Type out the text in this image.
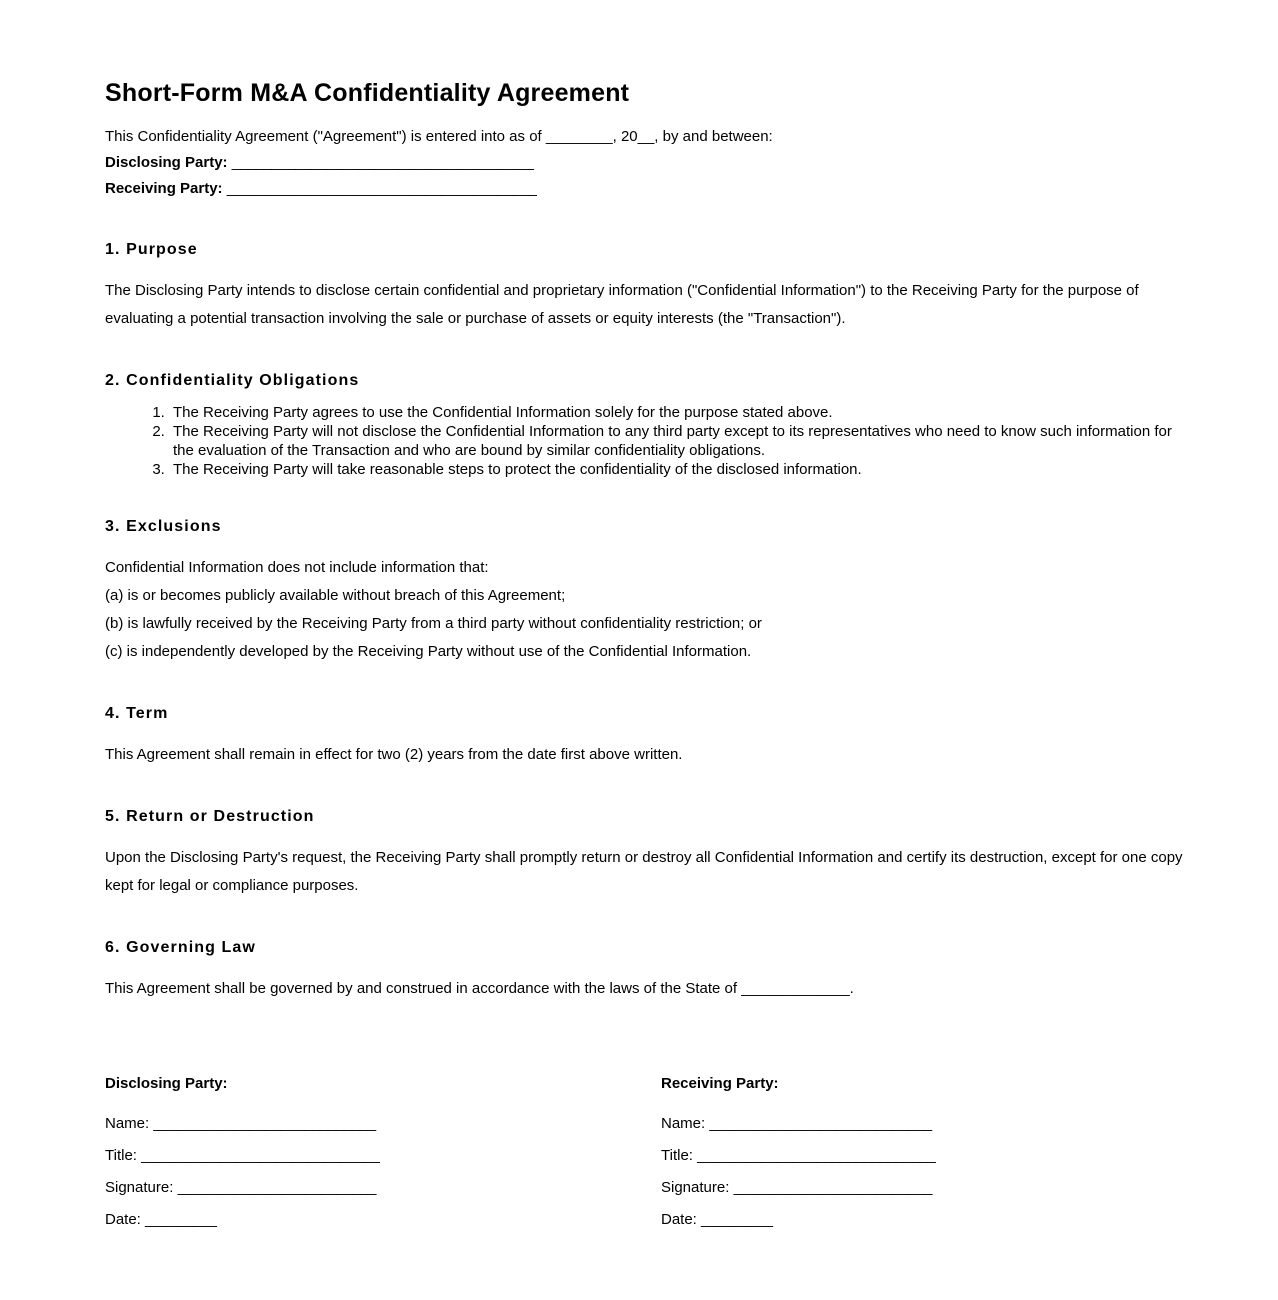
Short-Form M&A Confidentiality Agreement

This Confidentiality Agreement ("Agreement") is entered into as of ________, 20__, by and between:

Disclosing Party: ______________________________________

Receiving Party: _______________________________________

1. Purpose

The Disclosing Party intends to disclose certain confidential and proprietary information ("Confidential Information") to the Receiving Party for the purpose of evaluating a potential transaction involving the sale or purchase of assets or equity interests (the "Transaction").

2. Confidentiality Obligations
1. The Receiving Party agrees to use the Confidential Information solely for the purpose stated above.
2. The Receiving Party will not disclose the Confidential Information to any third party except to its representatives who need to know such information for the evaluation of the Transaction and who are bound by similar confidentiality obligations.
3. The Receiving Party will take reasonable steps to protect the confidentiality of the disclosed information.
3. Exclusions

Confidential Information does not include information that:

(a) is or becomes publicly available without breach of this Agreement;

(b) is lawfully received by the Receiving Party from a third party without confidentiality restriction; or

(c) is independently developed by the Receiving Party without use of the Confidential Information.

4. Term

This Agreement shall remain in effect for two (2) years from the date first above written.

5. Return or Destruction

Upon the Disclosing Party's request, the Receiving Party shall promptly return or destroy all Confidential Information and certify its destruction, except for one copy kept for legal or compliance purposes.

6. Governing Law

This Agreement shall be governed by and construed in accordance with the laws of the State of _____________.

Disclosing Party:

Name: ____________________________

Title: ______________________________

Signature: _________________________

Date: _________

Receiving Party:

Name: ____________________________

Title: ______________________________

Signature: _________________________

Date: _________
